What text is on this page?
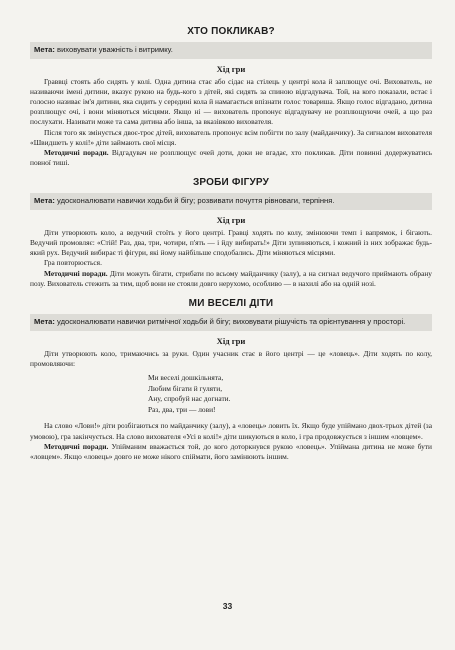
ХТО ПОКЛИКАВ?
Мета: виховувати уважність і витримку.
Хід гри

Граввці стоять або сидять у колі. Одна дитина стає або сідає на стілець у центрі кола й заплющує очі. Вихователь, не називаючи імені дитини, вказує рукою на будь-кого з дітей, які сидять за спиною відгадувача. Той, на кого показали, встає і голосно називає ім'я дитини, яка сидить у середині кола й намагається впізнати голос товариша. Якщо голос відгадано, дитина розплющує очі, і вони міняються місцями. Якщо ні — вихователь пропонує відгадувачу не розплющуючи очей, а що раз послухати. Називати може та сама дитина або інша, за вказівкою вихователя.

Після того як змінується двоє-троє дітей, вихователь пропонує всім побігти по залу (майданчику). За сигналом вихователя «Швидшеть у колі!» діти займають свої місця.

Методичні поради. Відгадувач не розплющує очей доти, доки не вгадає, хто покликав. Діти повинні додержуватись повної тиші.

ЗРОБИ ФІГУРУ
Мета: удосконалювати навички ходьби й бігу; розвивати почуття рівноваги, терпіння.
Хід гри

Діти утворюють коло, а ведучий стоїть у його центрі. Гравці ходять по колу, змінюючи темп і вапрямок, і бігають. Ведучий промовляє: «Стій! Раз, два, три, чотири, п'ять — і йду вибирать!» Діти зупиняються, і кожний із них зображає будь-який рух. Ведучий вибирає ті фігури, які йому найбільше сподобались. Діти міняються місцями.

Гра повторюється.

Методичні поради. Діти можуть бігати, стрибати по всьому майданчику (залу), а на сигнал ведучого приймають обрану позу. Вихователь стежить за тим, щоб вони не стояли довго нерухомо, особливо — в нахилі або на одній нозі.

МИ ВЕСЕЛІ ДІТИ
Мета: удосконалювати навички ритмічної ходьби й бігу; виховувати рішучість та орієнтування у просторі.
Хід гри

Діти утворюють коло, тримаючись за руки. Один учасник стає в його центрі — це «ловець». Діти ходять по колу, промовляючи:

Ми веселі дошкільнята,
Любим бігати й гуляти,
Ану, спробуй нас догнати.
Раз, два, три — лови!

На слово «Лови!» діти розбігаються по майданчику (залу), а «ловець» ловить їх. Якщо буде упіймано двох-трьох дітей (за умовою), гра закінчується. На слово вихователя «Усі в колі!» діти шикуються в коло, і гра продовжується з іншим «ловцем».

Методичні поради. Упійманим вважається той, до кого доторкнувся рукою «ловець». Упіймана дитина не може бути «ловцем». Якщо «ловець» довго не може нікого спіймати, його замінюють іншим.

33
